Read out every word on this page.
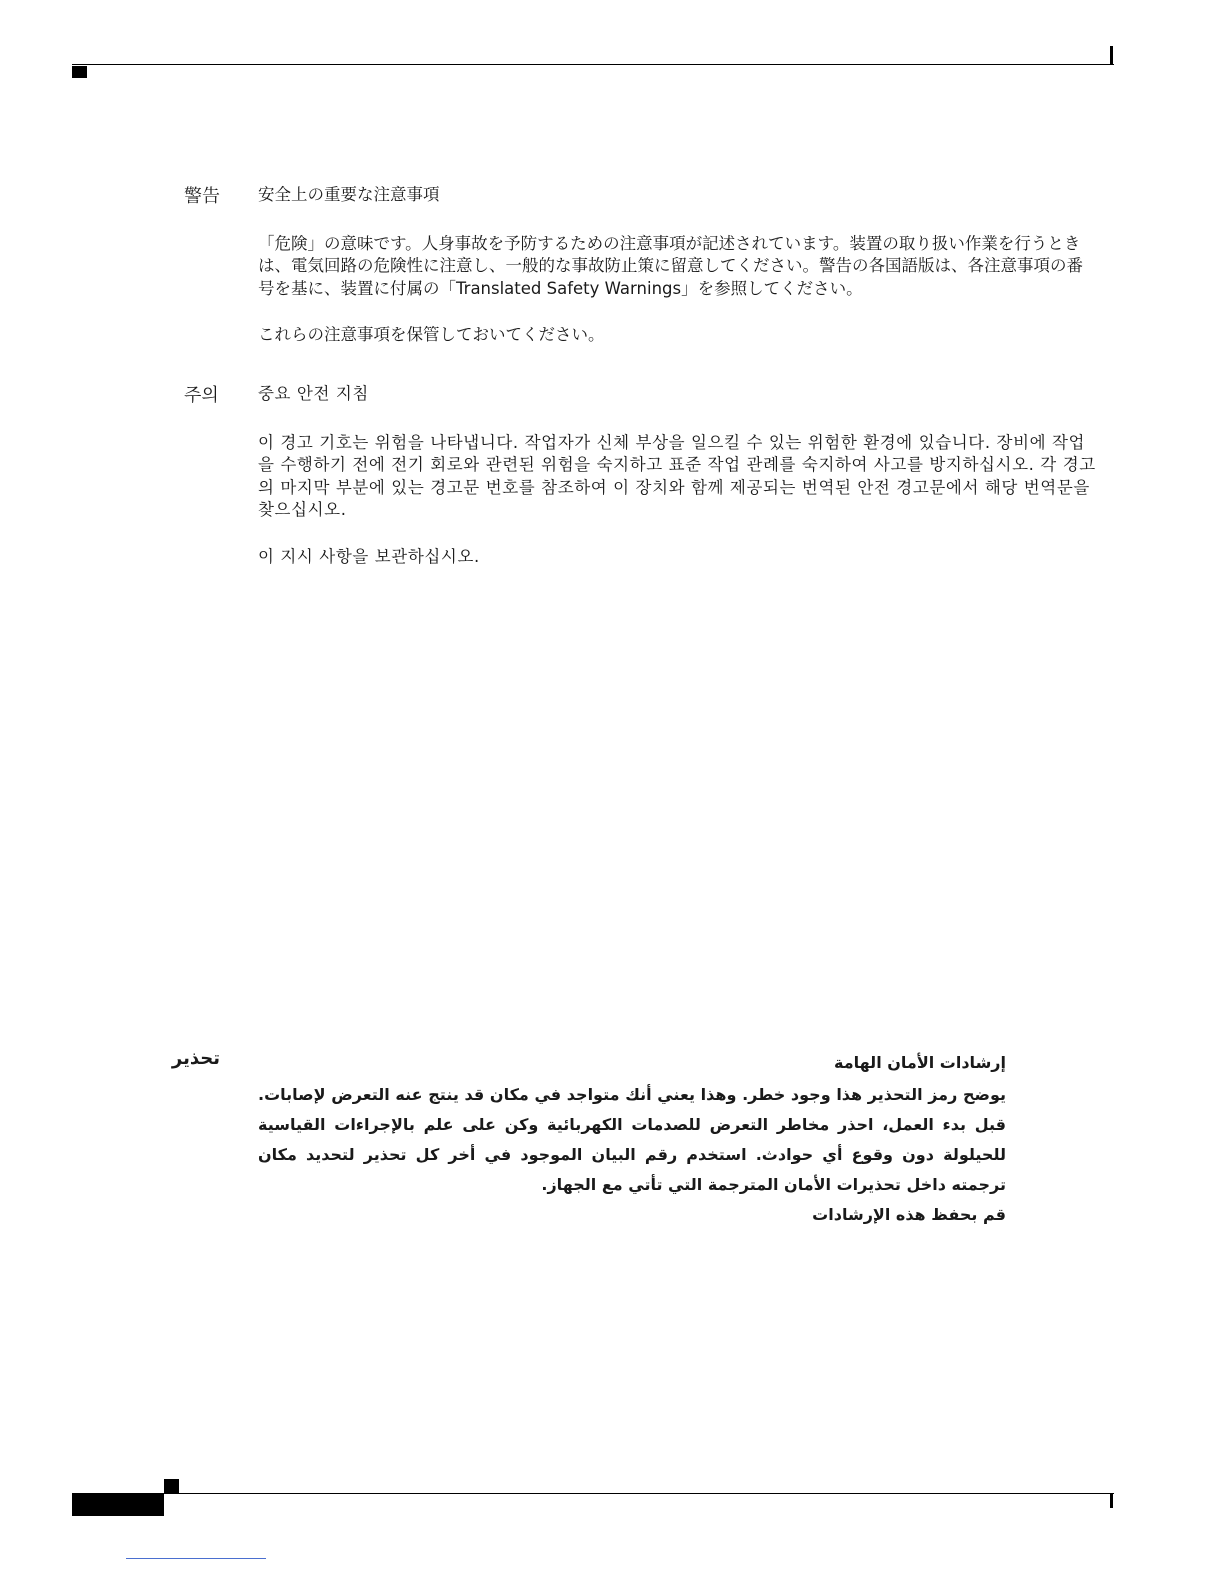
警告 安全上の重要な注意事項

「危険」の意味です。人身事故を予防するための注意事項が記述されています。装置の取り扱い作業を行うときは、電気回路の危険性に注意し、一般的な事故防止策に留意してください。警告の各国語版は、各注意事項の番号を基に、装置に付属の「Translated Safety Warnings」を参照してください。

これらの注意事項を保管しておいてください。

주의 중요 안전 지침

이 경고 기호는 위험을 나타냅니다. 작업자가 신체 부상을 일으킬 수 있는 위험한 환경에 있습니다. 장비에 작업을 수행하기 전에 전기 회로와 관련된 위험을 숙지하고 표준 작업 관례를 숙지하여 사고를 방지하십시오. 각 경고의 마지막 부분에 있는 경고문 번호를 참조하여 이 장치와 함께 제공되는 번역된 안전 경고문에서 해당 번역문을 찾으십시오.

이 지시 사항을 보관하십시오.

تحذير	إرشادات الأمان الهامة

يوضح رمز التحذير هذا وجود خطر. وهذا يعني أنك متواجد في مكان قد ينتج عنه التعرض لإصابات. قبل بدء العمل، احذر مخاطر التعرض للصدمات الكهربائية وكن على علم بالإجراءات القياسية للحيلولة دون وقوع أي حوادث. استخدم رقم البيان الموجود في أخر كل تحذير لتحديد مكان ترجمته داخل تحذيرات الأمان المترجمة التي تأتي مع الجهاز.

قم بحفظ هذه الإرشادات
